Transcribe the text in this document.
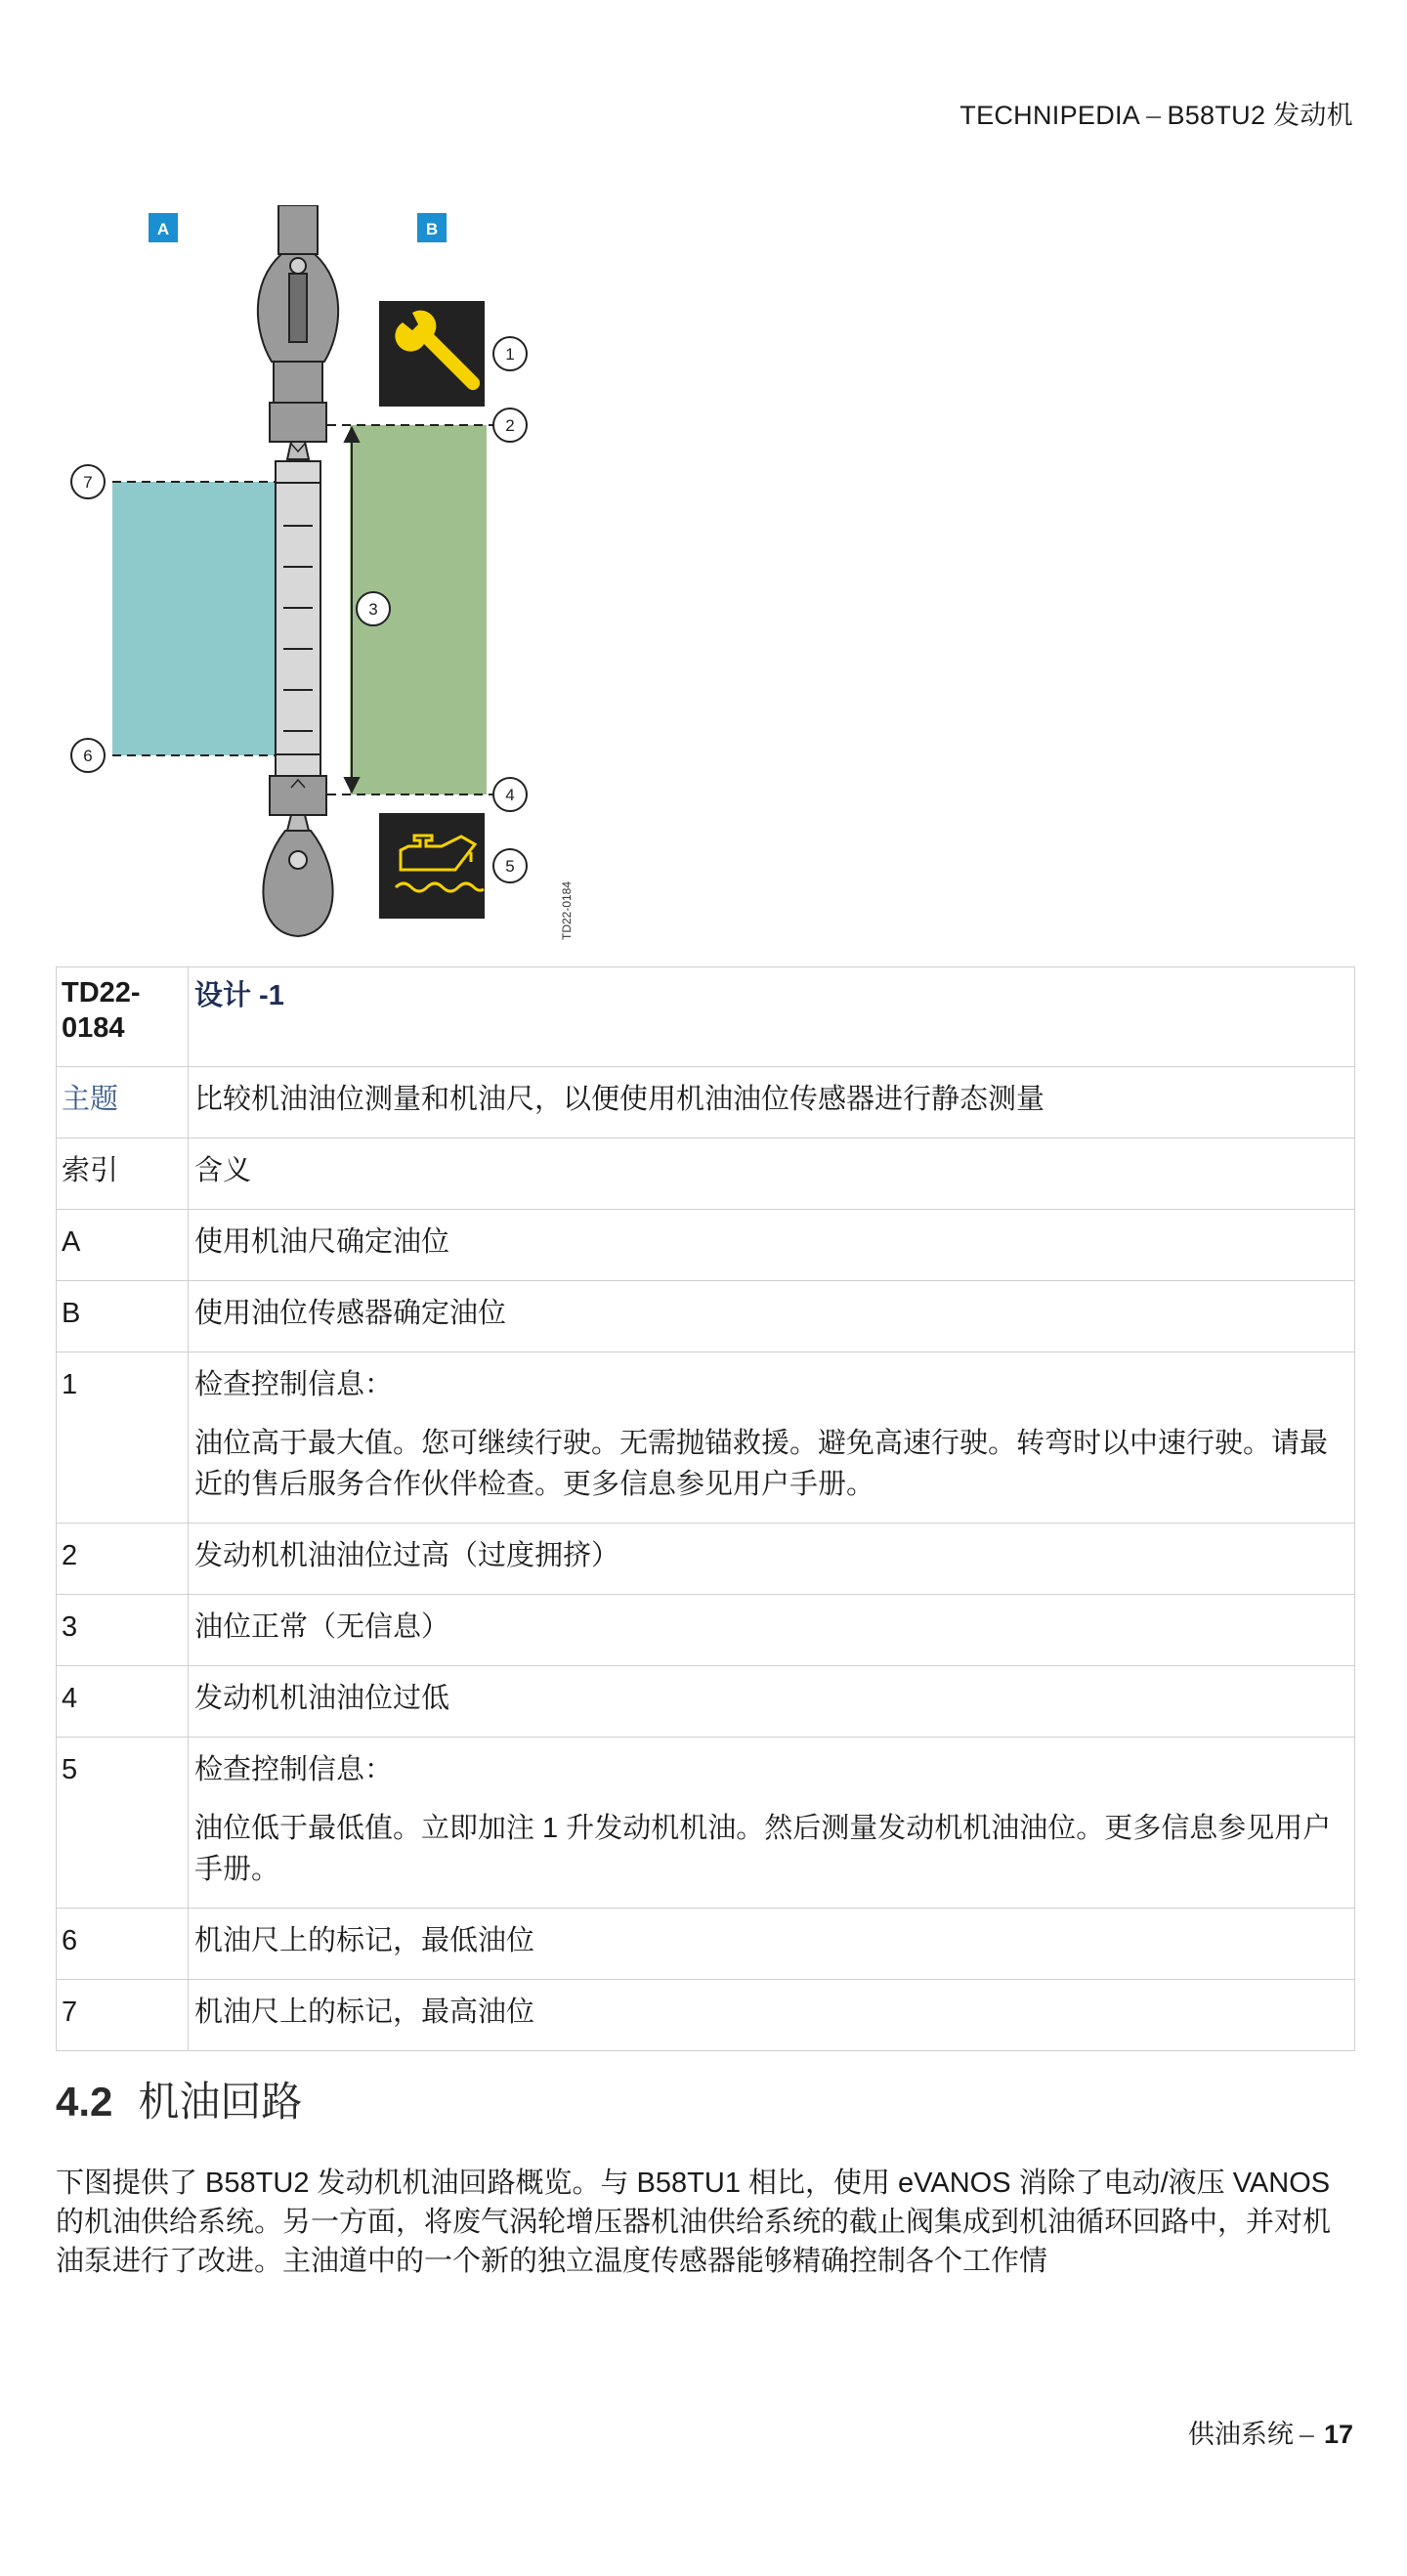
TECHNIPEDIA – B58TU2 发动机
A	B
1
2
3
4
5
6
7
TD22-0184
TD22-0184	设计 -1
主题	比较机油油位测量和机油尺，以便使用机油油位传感器进行静态测量
索引	含义

A	使用机油尺确定油位

B	使用油位传感器确定油位

1	检查控制信息：

油位高于最大值。您可继续行驶。无需抛锚救援。避免高速行驶。转弯时以中速行驶。请最近的售后服务合作伙伴检查。更多信息参见用户手册。

2	发动机机油油位过高（过度拥挤）

3	油位正常（无信息）

4	发动机机油油位过低

5	检查控制信息：

油位低于最低值。立即加注 1 升发动机机油。然后测量发动机机油油位。更多信息参见用户手册。

6	机油尺上的标记，最低油位

7	机油尺上的标记，最高油位

4.2 机油回路

下图提供了 B58TU2 发动机机油回路概览。与 B58TU1 相比，使用 eVANOS 消除了电动/液压 VANOS 的机油供给系统。另一方面，将废气涡轮增压器机油供给系统的截止阀集成到机油循环回路中，并对机油泵进行了改进。主油道中的一个新的独立温度传感器能够精确控制各个工作情

供油系统 – 17
